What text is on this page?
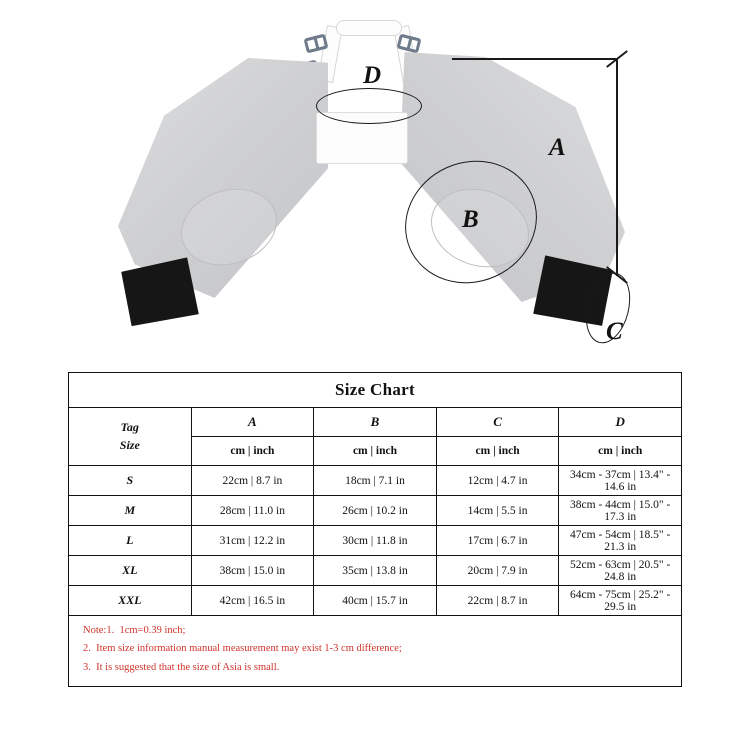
D
A
B
C
Size Chart				

Tag
Size	A	B	C	D
	cm | inch	cm | inch	cm | inch	cm | inch
S	22cm | 8.7 in	18cm | 7.1 in	12cm | 4.7 in	34cm - 37cm | 13.4" - 14.6 in
M	28cm | 11.0 in	26cm | 10.2 in	14cm | 5.5 in	38cm - 44cm | 15.0" - 17.3 in
L	31cm | 12.2 in	30cm | 11.8 in	17cm | 6.7 in	47cm - 54cm | 18.5" - 21.3 in
XL	38cm | 15.0 in	35cm | 13.8 in	20cm | 7.9 in	52cm - 63cm | 20.5" - 24.8 in
XXL	42cm | 16.5 in	40cm | 15.7 in	22cm | 8.7 in	64cm - 75cm | 25.2" - 29.5 in
Note:1.  1cm=0.39 inch;
2.  Item size information manual measurement may exist 1-3 cm difference;
3.  It is suggested that the size of Asia is small.
